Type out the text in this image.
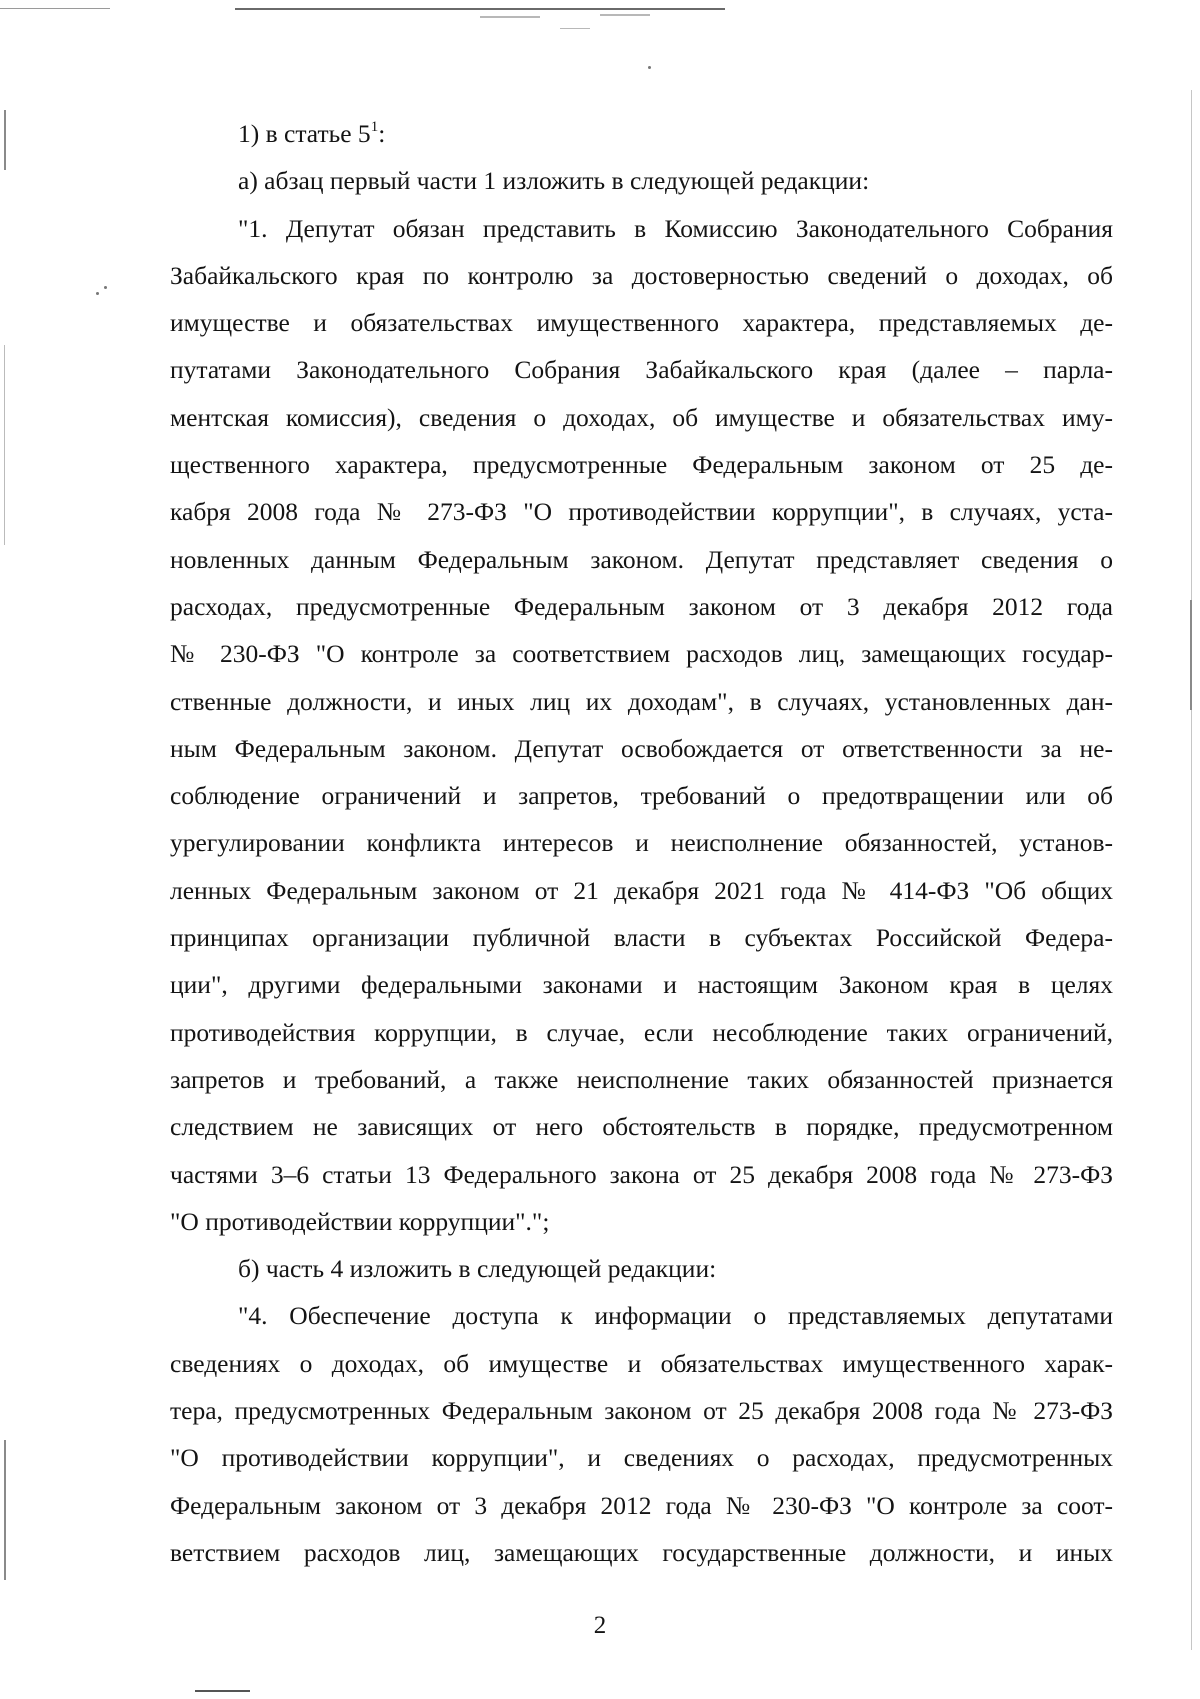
1) в статье $5^1$:

а) абзац первый части 1 изложить в следующей редакции:

"1. Депутат обязан представить в Комиссию Законодательного Собрания

Забайкальского края по контролю за достоверностью сведений о доходах, об

имуществе и обязательствах имущественного характера, представляемых де-

путатами Законодательного Собрания Забайкальского края (далее – парла-

ментская комиссия), сведения о доходах, об имуществе и обязательствах иму-

щественного характера, предусмотренные Федеральным законом от 25 де-

кабря 2008 года № 273-ФЗ "О противодействии коррупции", в случаях, уста-

новленных данным Федеральным законом. Депутат представляет сведения о

расходах, предусмотренные Федеральным законом от 3 декабря 2012 года

№ 230-ФЗ "О контроле за соответствием расходов лиц, замещающих государ-

ственные должности, и иных лиц их доходам", в случаях, установленных дан-

ным Федеральным законом. Депутат освобождается от ответственности за не-

соблюдение ограничений и запретов, требований о предотвращении или об

урегулировании конфликта интересов и неисполнение обязанностей, установ-

ленных Федеральным законом от 21 декабря 2021 года № 414-ФЗ "Об общих

принципах организации публичной власти в субъектах Российской Федера-

ции", другими федеральными законами и настоящим Законом края в целях

противодействия коррупции, в случае, если несоблюдение таких ограничений,

запретов и требований, а также неисполнение таких обязанностей признается

следствием не зависящих от него обстоятельств в порядке, предусмотренном

частями 3–6 статьи 13 Федерального закона от 25 декабря 2008 года № 273-ФЗ

"О противодействии коррупции".";

б) часть 4 изложить в следующей редакции:

"4. Обеспечение доступа к информации о представляемых депутатами

сведениях о доходах, об имуществе и обязательствах имущественного харак-

тера, предусмотренных Федеральным законом от 25 декабря 2008 года № 273-ФЗ

"О противодействии коррупции", и сведениях о расходах, предусмотренных

Федеральным законом от 3 декабря 2012 года № 230-ФЗ "О контроле за соот-

ветствием расходов лиц, замещающих государственные должности, и иных

2
